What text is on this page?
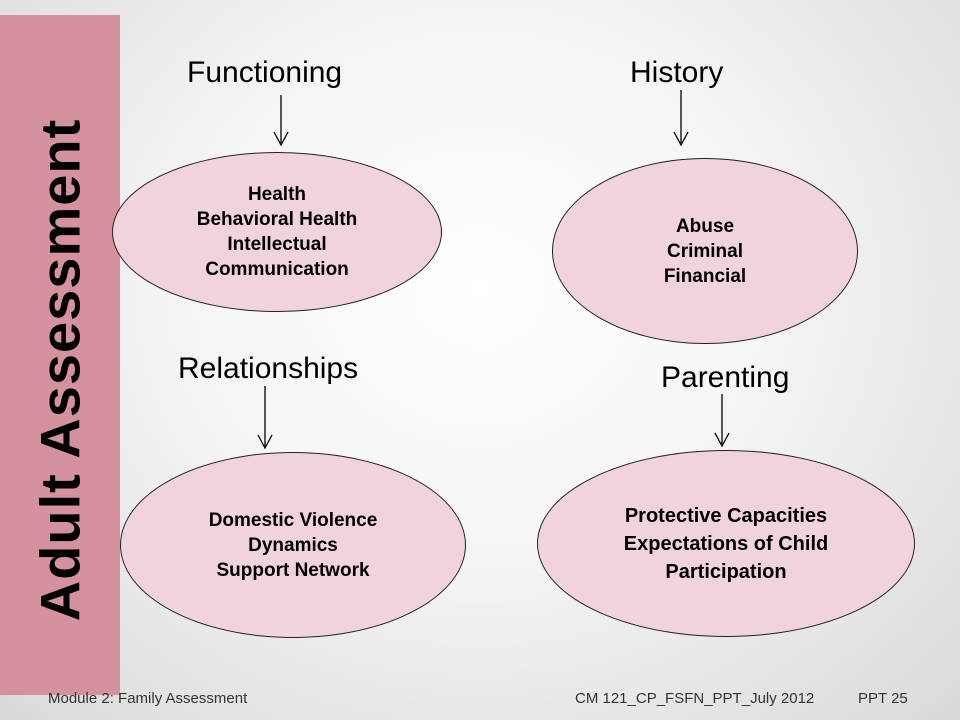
Adult Assessment
Functioning	History
Relationships	Parenting
Health
Behavioral Health
Intellectual
Communication
Abuse
Criminal
Financial
Domestic Violence
Dynamics
Support Network
Protective Capacities
Expectations of Child
Participation
Module 2: Family Assessment	CM 121_CP_FSFN_PPT_July 2012	PPT 25
